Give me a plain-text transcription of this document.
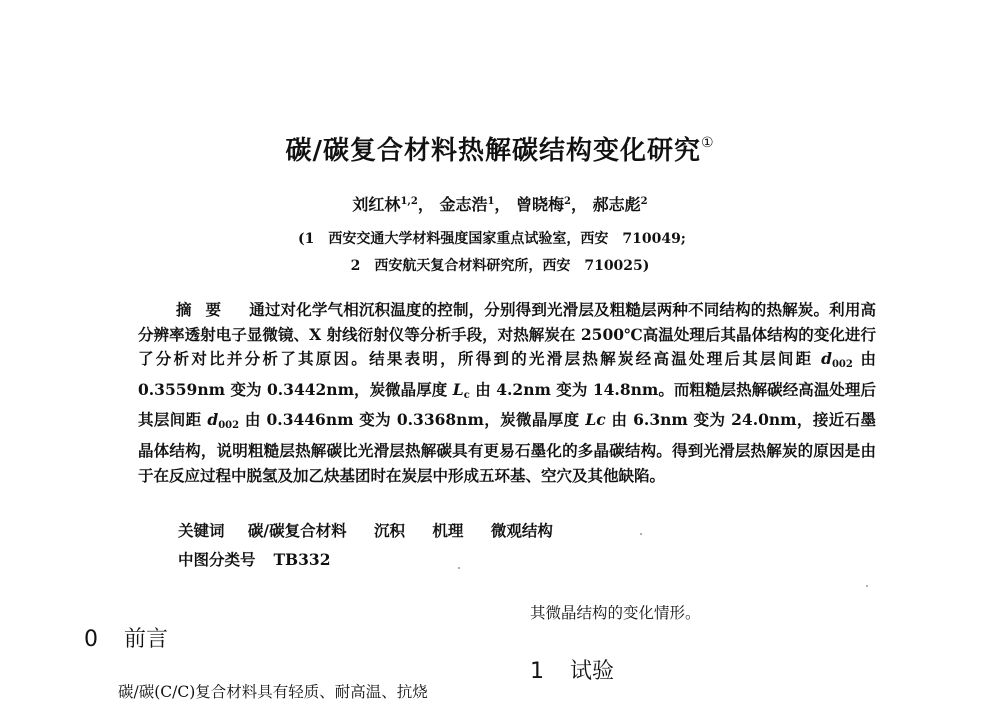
碳/碳复合材料热解碳结构变化研究①
刘红林$^{1,2}$， 金志浩$^1$， 曾晓梅$^2$， 郝志彪$^2$
(1　西安交通大学材料强度国家重点试验室，西安　710049;
2　西安航天复合材料研究所，西安　710025)
摘要 通过对化学气相沉积温度的控制，分别得到光滑层及粗糙层两种不同结构的热解炭。利用高分辨率透射电子显微镜、X 射线衍射仪等分析手段，对热解炭在 2500℃高温处理后其晶体结构的变化进行了分析对比并分析了其原因。结果表明，所得到的光滑层热解炭经高温处理后其层间距 $d_{002}$ 由 0.3559nm 变为 0.3442nm，炭微晶厚度 $L_c$ 由 4.2nm 变为 14.8nm。而粗糙层热解碳经高温处理后其层间距 $d_{002}$ 由 0.3446nm 变为 0.3368nm，炭微晶厚度 Lc 由 6.3nm 变为 24.0nm，接近石墨晶体结构，说明粗糙层热解碳比光滑层热解碳具有更易石墨化的多晶碳结构。得到光滑层热解炭的原因是由于在反应过程中脱氢及加乙炔基团时在炭层中形成五环基、空穴及其他缺陷。
关键词 碳/碳复合材料 沉积 机理 微观结构
中图分类号 TB332
其微晶结构的变化情形。
0 前言
1 试验
碳/碳(C/C)复合材料具有轻质、耐高温、抗烧
